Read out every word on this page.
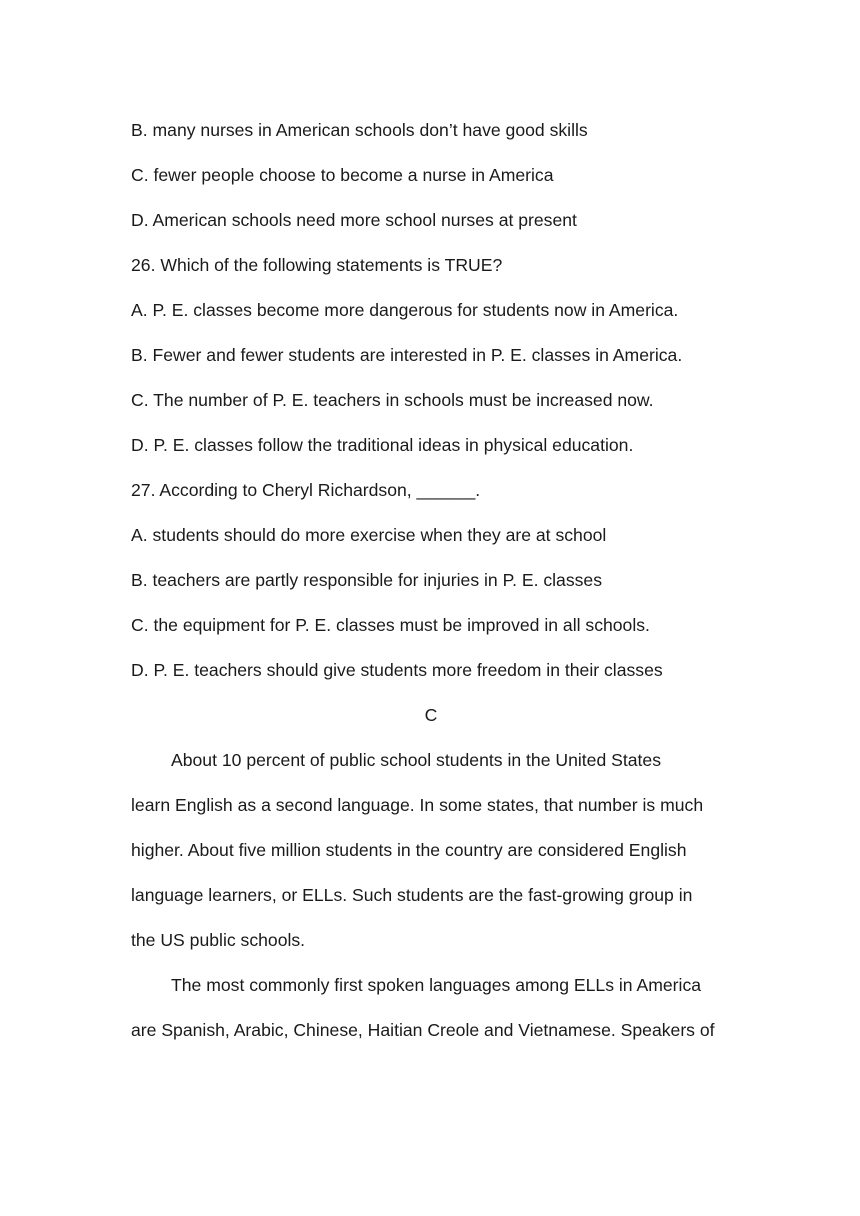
B. many nurses in American schools don’t have good skills

C. fewer people choose to become a nurse in America

D. American schools need more school nurses at present

26. Which of the following statements is TRUE?

A. P. E. classes become more dangerous for students now in America.

B. Fewer and fewer students are interested in P. E. classes in America.

C. The number of P. E. teachers in schools must be increased now.

D. P. E. classes follow the traditional ideas in physical education.

27. According to Cheryl Richardson, ______.

A. students should do more exercise when they are at school

B. teachers are partly responsible for injuries in P. E. classes

C. the equipment for P. E. classes must be improved in all schools.

D. P. E. teachers should give students more freedom in their classes

C

About 10 percent of public school students in the United States
learn English as a second language. In some states, that number is much
higher. About five million students in the country are considered English
language learners, or ELLs. Such students are the fast-growing group in
the US public schools.
The most commonly first spoken languages among ELLs in America
are Spanish, Arabic, Chinese, Haitian Creole and Vietnamese. Speakers of
